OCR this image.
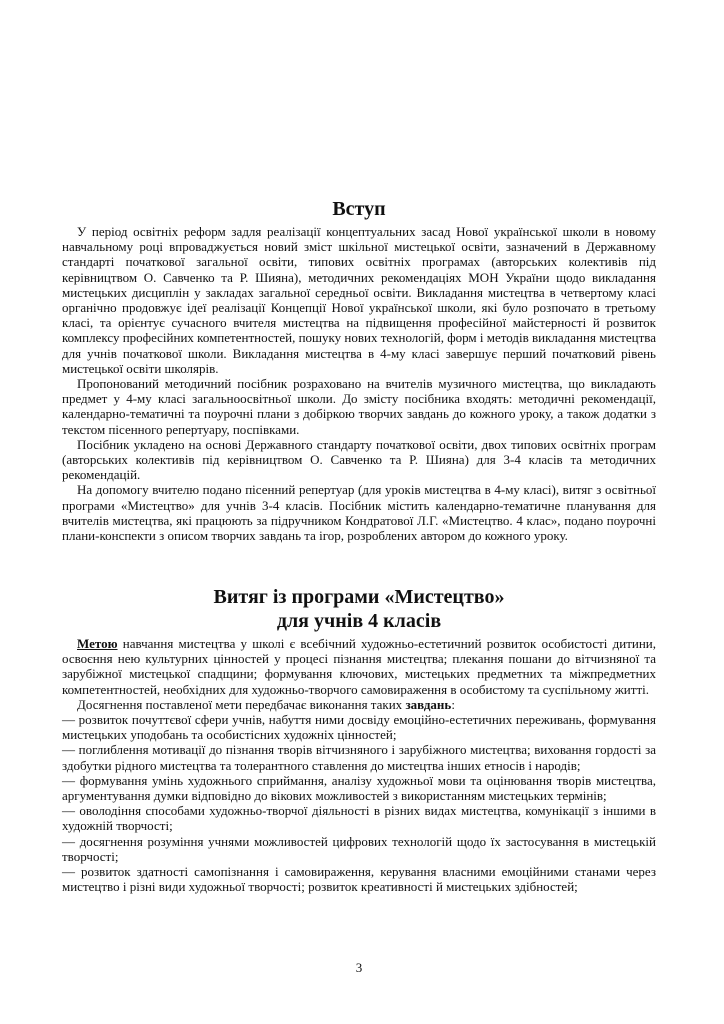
Вступ

У період освітніх реформ задля реалізації концептуальних засад Нової української школи в новому навчальному році впроваджується новий зміст шкільної мистецької освіти, зазначений в Державному стандарті початкової загальної освіти, типових освітніх програмах (авторських колективів під керівництвом О. Савченко та Р. Шияна), методичних рекомендаціях МОН України щодо викладання мистецьких дисциплін у закладах загальної середньої освіти. Викладання мистецтва в четвертому класі органічно продовжує ідеї реалізації Концепції Нової української школи, які було розпочато в третьому класі, та орієнтує сучасного вчителя мистецтва на підвищення професійної майстерності й розвиток комплексу професійних компетентностей, пошуку нових технологій, форм і методів викладання мистецтва для учнів початкової школи. Викладання мистецтва в 4-му класі завершує перший початковий рівень мистецької освіти школярів.

Пропонований методичний посібник розраховано на вчителів музичного мистецтва, що викладають предмет у 4-му класі загальноосвітньої школи. До змісту посібника входять: методичні рекомендації, календарно-тематичні та поурочні плани з добіркою творчих завдань до кожного уроку, а також додатки з текстом пісенного репертуару, поспівками.

Посібник укладено на основі Державного стандарту початкової освіти, двох типових освітніх програм (авторських колективів під керівництвом О. Савченко та Р. Шияна) для 3-4 класів та методичних рекомендацій.

На допомогу вчителю подано пісенний репертуар (для уроків мистецтва в 4-му класі), витяг з освітньої програми «Мистецтво» для учнів 3-4 класів. Посібник містить календарно-тематичне планування для вчителів мистецтва, які працюють за підручником Кондратової Л.Г. «Мистецтво. 4 клас», подано поурочні плани-конспекти з описом творчих завдань та ігор, розроблених автором до кожного уроку.

Витяг із програми «Мистецтво»
для учнів 4 класів

Метою навчання мистецтва у школі є всебічний художньо-естетичний розвиток особистості дитини, освоєння нею культурних цінностей у процесі пізнання мистецтва; плекання пошани до вітчизняної та зарубіжної мистецької спадщини; формування ключових, мистецьких предметних та міжпредметних компетентностей, необхідних для художньо-творчого самовираження в особистому та суспільному житті.

Досягнення поставленої мети передбачає виконання таких завдань:

— розвиток почуттєвої сфери учнів, набуття ними досвіду емоційно-естетичних переживань, формування мистецьких уподобань та особистісних художніх цінностей;

— поглиблення мотивації до пізнання творів вітчизняного і зарубіжного мистецтва; виховання гордості за здобутки рідного мистецтва та толерантного ставлення до мистецтва інших етносів і народів;

— формування умінь художнього сприймання, аналізу художньої мови та оцінювання творів мистецтва, аргументування думки відповідно до вікових можливостей з використанням мистецьких термінів;

— оволодіння способами художньо-творчої діяльності в різних видах мистецтва, комунікації з іншими в художній творчості;

— досягнення розуміння учнями можливостей цифрових технологій щодо їх застосування в мистецькій творчості;

— розвиток здатності самопізнання і самовираження, керування власними емоційними станами через мистецтво і різні види художньої творчості; розвиток креативності й мистецьких здібностей;

3
